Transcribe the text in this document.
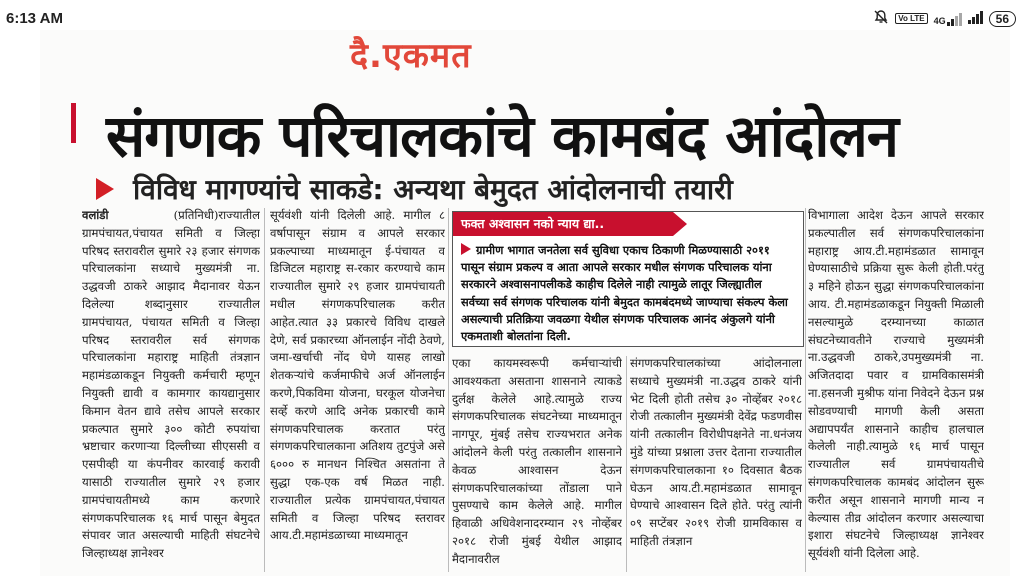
6:13 AM	Vo LTE	4G	56
दै.एकमत
संगणक परिचालकांचे कामबंद आंदोलन
विविध मागण्यांचे साकडे: अन्यथा बेमुदत आंदोलनाची तयारी
वलांडी	(प्रतिनिधी)राज्यातील ग्रामपंचायत,पंचायत समिती व जिल्हा परिषद स्तरावरील सुमारे २३ हजार संगणक परिचालकांना सध्याचे मुख्यमंत्री ना. उद्धवजी ठाकरे आझाद मैदानावर येऊन दिलेल्या शब्दानुसार राज्यातील ग्रामपंचायत, पंचायत समिती व जिल्हा परिषद स्तरावरील सर्व संगणक परिचालकांना महाराष्ट्र माहिती तंत्रज्ञान महामंडळाकडून नियुक्ती कर्मचारी म्हणून नियुक्ती द्यावी व कामगार कायद्यानुसार किमान वेतन द्यावे तसेच आपले सरकार प्रकल्पात सुमारे ३०० कोटी रुपयांचा भ्रष्टाचार करणाऱ्या दिल्लीच्या सीएससी व एसपीव्ही या कंपनीवर कारवाई करावी यासाठी राज्यातील सुमारे २९ हजार ग्रामपंचायतीमध्ये काम करणारे संगणकपरिचालक १६ मार्च पासून बेमुदत संपावर जात असल्याची माहिती संघटनेचे जिल्हाध्यक्ष ज्ञानेश्वर
सूर्यवंशी यांनी दिलेली आहे. मागील ८ वर्षापासून संग्राम व आपले सरकार प्रकल्पाच्या माध्यमातून ई-पंचायत व डिजिटल महाराष्ट्र स-रकार करण्याचे काम राज्यातील सुमारे २९ हजार ग्रामपंचायती मधील संगणकपरिचालक करीत आहेत.त्यात ३३ प्रकारचे विविध दाखले देणे, सर्व प्रकारच्या ऑनलाईन नोंदी ठेवणे, जमा-खर्चाची नोंद घेणे यासह लाखो शेतकऱ्यांचे कर्जमाफीचे अर्ज ऑनलाईन करणे,पिकविमा योजना, घरकूल योजनेचा सर्व्हे करणे आदि अनेक प्रकारची कामे संगणकपरिचालक करतात परंतु संगणकपरिचालकाना अतिशय तुटपुंजे असे ६००० रु मानधन निश्चित असतांना ते सुद्धा एक-एक वर्ष मिळत नाही. राज्यातील प्रत्येक ग्रामपंचायत,पंचायत समिती व जिल्हा परिषद स्तरावर आय.टी.महामंडळाच्या माध्यमातून
फक्त अश्वासन नको न्याय द्या..
ग्रामीण भागात जनतेला सर्व सुविधा एकाच ठिकाणी मिळण्यासाठी २०११ पासून संग्राम प्रकल्प व आता आपले सरकार मधील संगणक परिचालक यांना सरकारने अश्वासनापलीकडे काहीच दिलेले नाही त्यामुळे लातूर जिल्ह्यातील सर्वच्या सर्व संगणक परिचालक यांनी बेमुदत कामबंदमध्ये जाण्याचा संकल्प केला असल्याची प्रतिक्रिया जवळगा येथील संगणक परिचालक आनंद अंकुलगे यांनी एकमताशी बोलतांना दिली.
एका कायमस्वरूपी कर्मचाऱ्यांची आवश्यकता असताना शासनाने त्याकडे दुर्लक्ष केलेले आहे.त्यामुळे राज्य संगणकपरिचालक संघटनेच्या माध्यमातून नागपूर, मुंबई तसेच राज्यभरात अनेक आंदोलने केली परंतु तत्कालीन शासनाने केवळ आश्वासन देऊन संगणकपरिचालकांच्या तोंडाला पाने पुसण्याचे काम केलेले आहे. मागील हिवाळी अधिवेशनादरम्यान २९ नोव्हेंबर २०१८ रोजी मुंबई येथील आझाद मैदानावरील
संगणकपरिचालकांच्या आंदोलनाला सध्याचे मुख्यमंत्री ना.उद्धव ठाकरे यांनी भेट दिली होती तसेच ३० नोव्हेंबर २०१८ रोजी तत्कालीन मुख्यमंत्री देवेंद्र फडणवीस यांनी तत्कालीन विरोधीपक्षनेते ना.धनंजय मुंडे यांच्या प्रश्नाला उत्तर देताना राज्यातील संगणकपरिचालकाना १० दिवसात बैठक घेऊन आय.टी.महामंडळात सामावून घेण्याचे आश्वासन दिले होते. परंतु त्यांनी ०९ सप्टेंबर २०१९ रोजी ग्रामविकास व माहिती तंत्रज्ञान
विभागाला आदेश देऊन आपले सरकार प्रकल्पातील सर्व संगणकपरिचालकांना महाराष्ट्र आय.टी.महामंडळात सामावून घेण्यासाठीचे प्रक्रिया सुरू केली होती.परंतु ३ महिने होऊन सुद्धा संगणकपरिचालकांना आय. टी.महामंडळाकडून नियुक्ती मिळाली नसल्यामुळे दरम्यानच्या काळात संघटनेच्यावतीने राज्याचे मुख्यमंत्री ना.उद्धवजी ठाकरे,उपमुख्यमंत्री ना. अजितदादा पवार व ग्रामविकासमंत्री ना.हसनजी मुश्रीफ यांना निवेदने देऊन प्रश्न सोडवण्याची मागणी केली असता अद्यापपर्यंत शासनाने काहीच हालचाल केलेली नाही.त्यामुळे १६ मार्च पासून राज्यातील सर्व ग्रामपंचायतीचे संगणकपरिचालक कामबंद आंदोलन सुरू करीत असून शासनाने मागणी मान्य न केल्यास तीव्र आंदोलन करणार असल्याचा इशारा संघटनेचे जिल्हाध्यक्ष ज्ञानेश्वर सूर्यवंशी यांनी दिलेला आहे.
